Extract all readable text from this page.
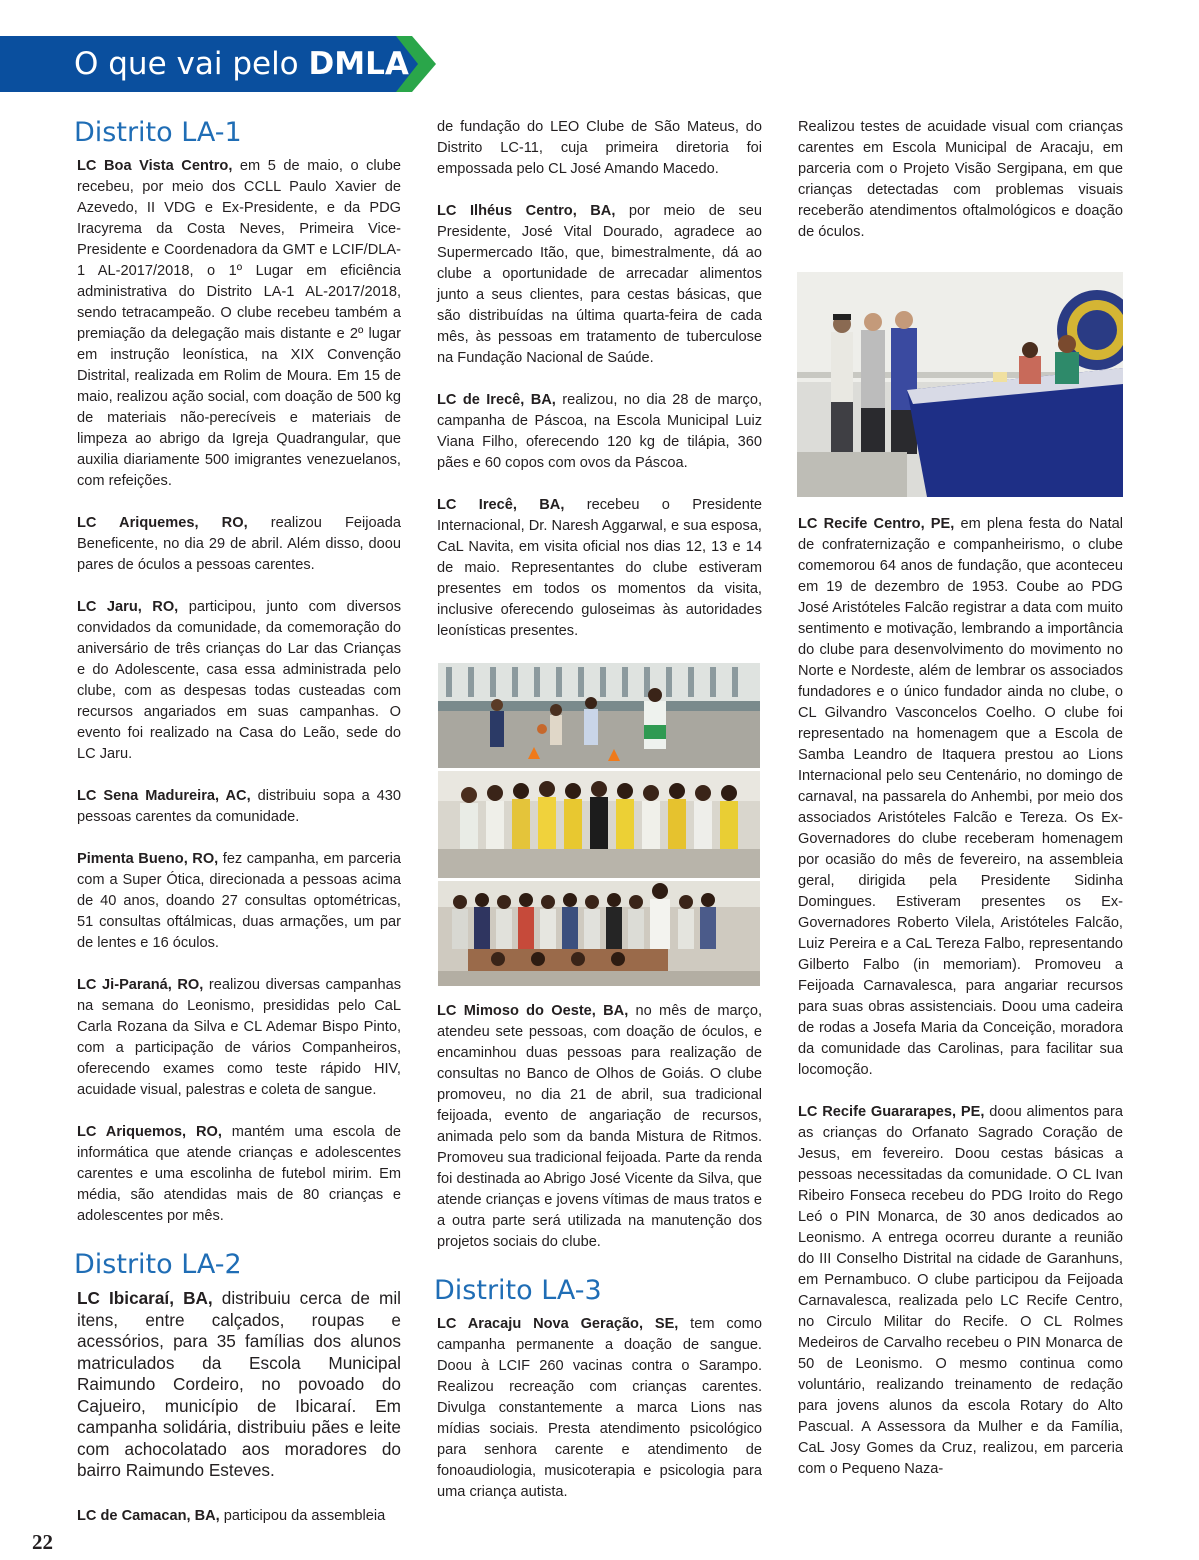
O que vai pelo DMLA
Distrito LA-1

LC Boa Vista Centro, em 5 de maio, o clube recebeu, por meio dos CCLL Paulo Xavier de Azevedo, II VDG e Ex-Presidente, e da PDG Iracyrema da Costa Neves, Primeira Vice-Presidente e Coordenadora da GMT e LCIF/DLA-1 AL-2017/2018, o 1º Lugar em eficiência administrativa do Distrito LA-1 AL-2017/2018, sendo tetracampeão. O clube recebeu também a premiação da delegação mais distante e 2º lugar em instrução leonística, na XIX Convenção Distrital, realizada em Rolim de Moura. Em 15 de maio, realizou ação social, com doação de 500 kg de materiais não-perecíveis e materiais de limpeza ao abrigo da Igreja Quadrangular, que auxilia diariamente 500 imigrantes venezuelanos, com refeições.

LC Ariquemes, RO, realizou Feijoada Beneficente, no dia 29 de abril. Além disso, doou pares de óculos a pessoas carentes.

LC Jaru, RO, participou, junto com diversos convidados da comunidade, da comemoração do aniversário de três crianças do Lar das Crianças e do Adolescente, casa essa administrada pelo clube, com as despesas todas custeadas com recursos angariados em suas campanhas. O evento foi realizado na Casa do Leão, sede do LC Jaru.

LC Sena Madureira, AC, distribuiu sopa a 430 pessoas carentes da comunidade.

Pimenta Bueno, RO, fez campanha, em parceria com a Super Ótica, direcionada a pessoas acima de 40 anos, doando 27 consultas optométricas, 51 consultas oftálmicas, duas armações, um par de lentes e 16 óculos.

LC Ji-Paraná, RO, realizou diversas campanhas na semana do Leonismo, presididas pelo CaL Carla Rozana da Silva e CL Ademar Bispo Pinto, com a participação de vários Companheiros, oferecendo exames como teste rápido HIV, acuidade visual, palestras e coleta de sangue.

LC Ariquemos, RO, mantém uma escola de informática que atende crianças e adolescentes carentes e uma escolinha de futebol mirim. Em média, são atendidas mais de 80 crianças e adolescentes por mês.

Distrito LA-2

LC Ibicaraí, BA, distribuiu cerca de mil itens, entre calçados, roupas e acessórios, para 35 famílias dos alunos matriculados da Escola Municipal Raimundo Cordeiro, no povoado do Cajueiro, município de Ibicaraí. Em campanha solidária, distribuiu pães e leite com achocolatado aos moradores do bairro Raimundo Esteves.

LC de Camacan, BA, participou da assembleia

de fundação do LEO Clube de São Mateus, do Distrito LC-11, cuja primeira diretoria foi empossada pelo CL José Amando Macedo.

LC Ilhéus Centro, BA, por meio de seu Presidente, José Vital Dourado, agradece ao Supermercado Itão, que, bimestralmente, dá ao clube a oportunidade de arrecadar alimentos junto a seus clientes, para cestas básicas, que são distribuídas na última quarta-feira de cada mês, às pessoas em tratamento de tuberculose na Fundação Nacional de Saúde.

LC de Irecê, BA, realizou, no dia 28 de março, campanha de Páscoa, na Escola Municipal Luiz Viana Filho, oferecendo 120 kg de tilápia, 360 pães e 60 copos com ovos da Páscoa.

LC Irecê, BA, recebeu o Presidente Internacional, Dr. Naresh Aggarwal, e sua esposa, CaL Navita, em visita oficial nos dias 12, 13 e 14 de maio. Representantes do clube estiveram presentes em todos os momentos da visita, inclusive oferecendo guloseimas às autoridades leonísticas presentes.

LC Mimoso do Oeste, BA, no mês de março, atendeu sete pessoas, com doação de óculos, e encaminhou duas pessoas para realização de consultas no Banco de Olhos de Goiás. O clube promoveu, no dia 21 de abril, sua tradicional feijoada, evento de angariação de recursos, animada pelo som da banda Mistura de Ritmos. Promoveu sua tradicional feijoada. Parte da renda foi destinada ao Abrigo José Vicente da Silva, que atende crianças e jovens vítimas de maus tratos e a outra parte será utilizada na manutenção dos projetos sociais do clube.

Distrito LA-3

LC Aracaju Nova Geração, SE, tem como campanha permanente a doação de sangue. Doou à LCIF 260 vacinas contra o Sarampo. Realizou recreação com crianças carentes. Divulga constantemente a marca Lions nas mídias sociais. Presta atendimento psicológico para senhora carente e atendimento de fonoaudiologia, musicoterapia e psicologia para uma criança autista.

Realizou testes de acuidade visual com crianças carentes em Escola Municipal de Aracaju, em parceria com o Projeto Visão Sergipana, em que crianças detectadas com problemas visuais receberão atendimentos oftalmológicos e doação de óculos.

LC Recife Centro, PE, em plena festa do Natal de confraternização e companheirismo, o clube comemorou 64 anos de fundação, que aconteceu em 19 de dezembro de 1953. Coube ao PDG José Aristóteles Falcão registrar a data com muito sentimento e motivação, lembrando a importância do clube para desenvolvimento do movimento no Norte e Nordeste, além de lembrar os associados fundadores e o único fundador ainda no clube, o CL Gilvandro Vasconcelos Coelho. O clube foi representado na homenagem que a Escola de Samba Leandro de Itaquera prestou ao Lions Internacional pelo seu Centenário, no domingo de carnaval, na passarela do Anhembi, por meio dos associados Aristóteles Falcão e Tereza. Os Ex-Governadores do clube receberam homenagem por ocasião do mês de fevereiro, na assembleia geral, dirigida pela Presidente Sidinha Domingues. Estiveram presentes os Ex-Governadores Roberto Vilela, Aristóteles Falcão, Luiz Pereira e a CaL Tereza Falbo, representando Gilberto Falbo (in memoriam). Promoveu a Feijoada Carnavalesca, para angariar recursos para suas obras assistenciais. Doou uma cadeira de rodas a Josefa Maria da Conceição, moradora da comunidade das Carolinas, para facilitar sua locomoção.

LC Recife Guararapes, PE, doou alimentos para as crianças do Orfanato Sagrado Coração de Jesus, em fevereiro. Doou cestas básicas a pessoas necessitadas da comunidade. O CL Ivan Ribeiro Fonseca recebeu do PDG Iroito do Rego Leó o PIN Monarca, de 30 anos dedicados ao Leonismo. A entrega ocorreu durante a reunião do III Conselho Distrital na cidade de Garanhuns, em Pernambuco. O clube participou da Feijoada Carnavalesca, realizada pelo LC Recife Centro, no Circulo Militar do Recife. O CL Rolmes Medeiros de Carvalho recebeu o PIN Monarca de 50 de Leonismo. O mesmo continua como voluntário, realizando treinamento de redação para jovens alunos da escola Rotary do Alto Pascual. A Assessora da Mulher e da Família, CaL Josy Gomes da Cruz, realizou, em parceria com o Pequeno Naza-

22
